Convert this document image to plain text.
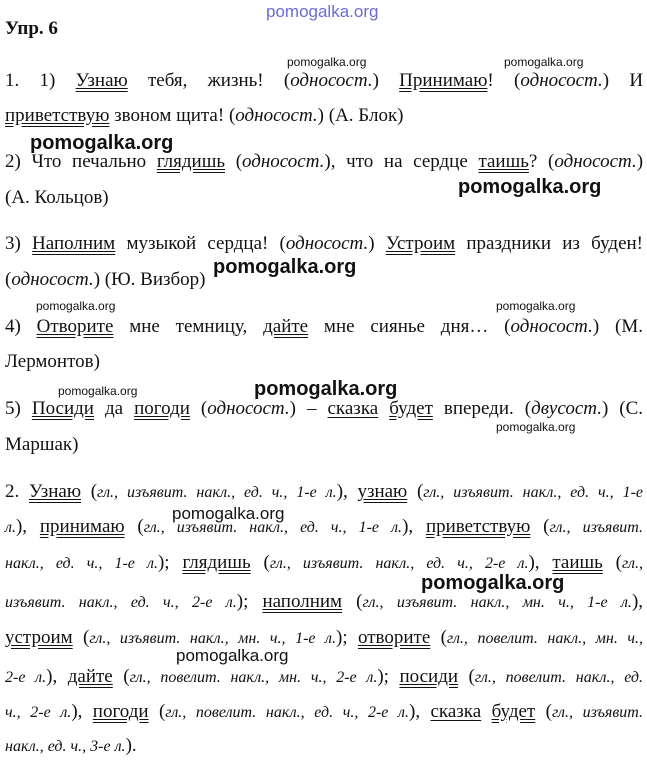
pomogalka.org
pomogalka.org	pomogalka.org
pomogalka.org
pomogalka.org
pomogalka.org
pomogalka.org	pomogalka.org
pomogalka.org	pomogalka.org
pomogalka.org
pomogalka.org
pomogalka.org
pomogalka.org
Упр. 6
1. 1) Узнаю тебя, жизнь! (односост.) Принимаю! (односост.) И
приветствую звоном щита! (односост.) (А. Блок)
2) Что печально глядишь (односост.), что на сердце таишь? (односост.)
(А. Кольцов)
3) Наполним музыкой сердца! (односост.) Устроим праздники из буден!
(односост.) (Ю. Визбор)
4) Отворите мне темницу, дайте мне сиянье дня… (односост.) (М.
Лермонтов)
5) Посиди да погоди (односост.) – сказка будет впереди. (двусост.) (С.
Маршак)
2. Узнаю (гл., изъявит. накл., ед. ч., 1-е л.), узнаю (гл., изъявит. накл., ед. ч., 1-е
л.), принимаю (гл., изъявит. накл., ед. ч., 1-е л.), приветствую (гл., изъявит.
накл., ед. ч., 1-е л.); глядишь (гл., изъявит. накл., ед. ч., 2-е л.), таишь (гл.,
изъявит. накл., ед. ч., 2-е л.); наполним (гл., изъявит. накл., мн. ч., 1-е л.),
устроим (гл., изъявит. накл., мн. ч., 1-е л.); отворите (гл., повелит. накл., мн. ч.,
2-е л.), дайте (гл., повелит. накл., мн. ч., 2-е л.); посиди (гл., повелит. накл., ед.
ч., 2-е л.), погоди (гл., повелит. накл., ед. ч., 2-е л.), сказка будет (гл., изъявит.
накл., ед. ч., 3-е л.).
